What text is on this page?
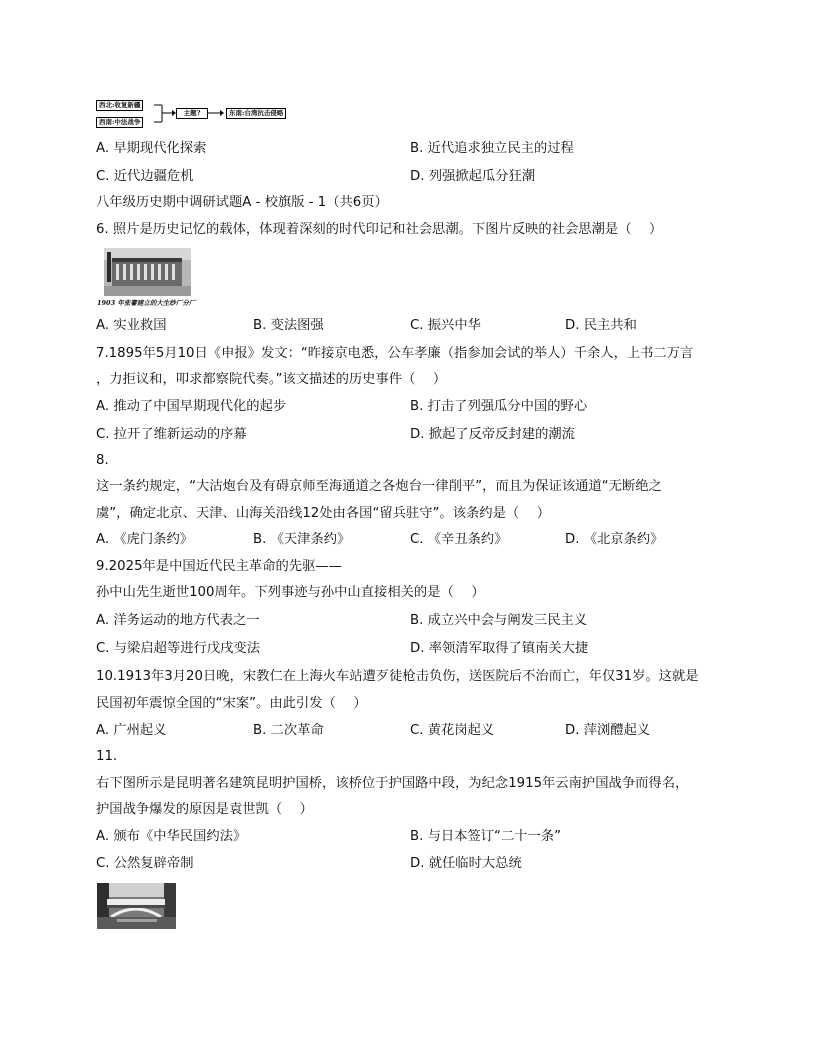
西北:收复新疆
西南:中法战争
主题?	东南:台湾抗击侵略
A. 早期现代化探索	B. 近代追求独立民主的过程
C. 近代边疆危机	D. 列强掀起瓜分狂潮
八年级历史期中调研试题A - 校旗版 - 1（共6页）
6. 照片是历史记忆的载体，体现着深刻的时代印记和社会思潮。下图片反映的社会思潮是（　 ）
1903 年张謇建立的大生纱厂分厂
A. 实业救国	B. 变法图强	C. 振兴中华	D. 民主共和
7.1895年5月10日《申报》发文：“昨接京电悉，公车孝廉（指参加会试的举人）千余人，上书二万言
，力拒议和，叩求都察院代奏。”该文描述的历史事件（　 ）
A. 推动了中国早期现代化的起步	B. 打击了列强瓜分中国的野心
C. 拉开了维新运动的序幕	D. 掀起了反帝反封建的潮流
8.
这一条约规定，“大沽炮台及有碍京师至海通道之各炮台一律削平”，而且为保证该通道“无断绝之
虞”，确定北京、天津、山海关沿线12处由各国“留兵驻守”。该条约是（　 ）
A. 《虎门条约》	B. 《天津条约》	C. 《辛丑条约》	D. 《北京条约》
9.2025年是中国近代民主革命的先驱——
孙中山先生逝世100周年。下列事迹与孙中山直接相关的是（　 ）
A. 洋务运动的地方代表之一	B. 成立兴中会与阐发三民主义
C. 与梁启超等进行戊戌变法	D. 率领清军取得了镇南关大捷
10.1913年3月20日晚，宋教仁在上海火车站遭歹徒枪击负伤，送医院后不治而亡，年仅31岁。这就是
民国初年震惊全国的“宋案”。由此引发（　 ）
A. 广州起义	B. 二次革命	C. 黄花岗起义	D. 萍浏醴起义
11.
右下图所示是昆明著名建筑昆明护国桥，该桥位于护国路中段，为纪念1915年云南护国战争而得名，
护国战争爆发的原因是袁世凯（　 ）
A. 颁布《中华民国约法》	B. 与日本签订“二十一条”
C. 公然复辟帝制	D. 就任临时大总统
